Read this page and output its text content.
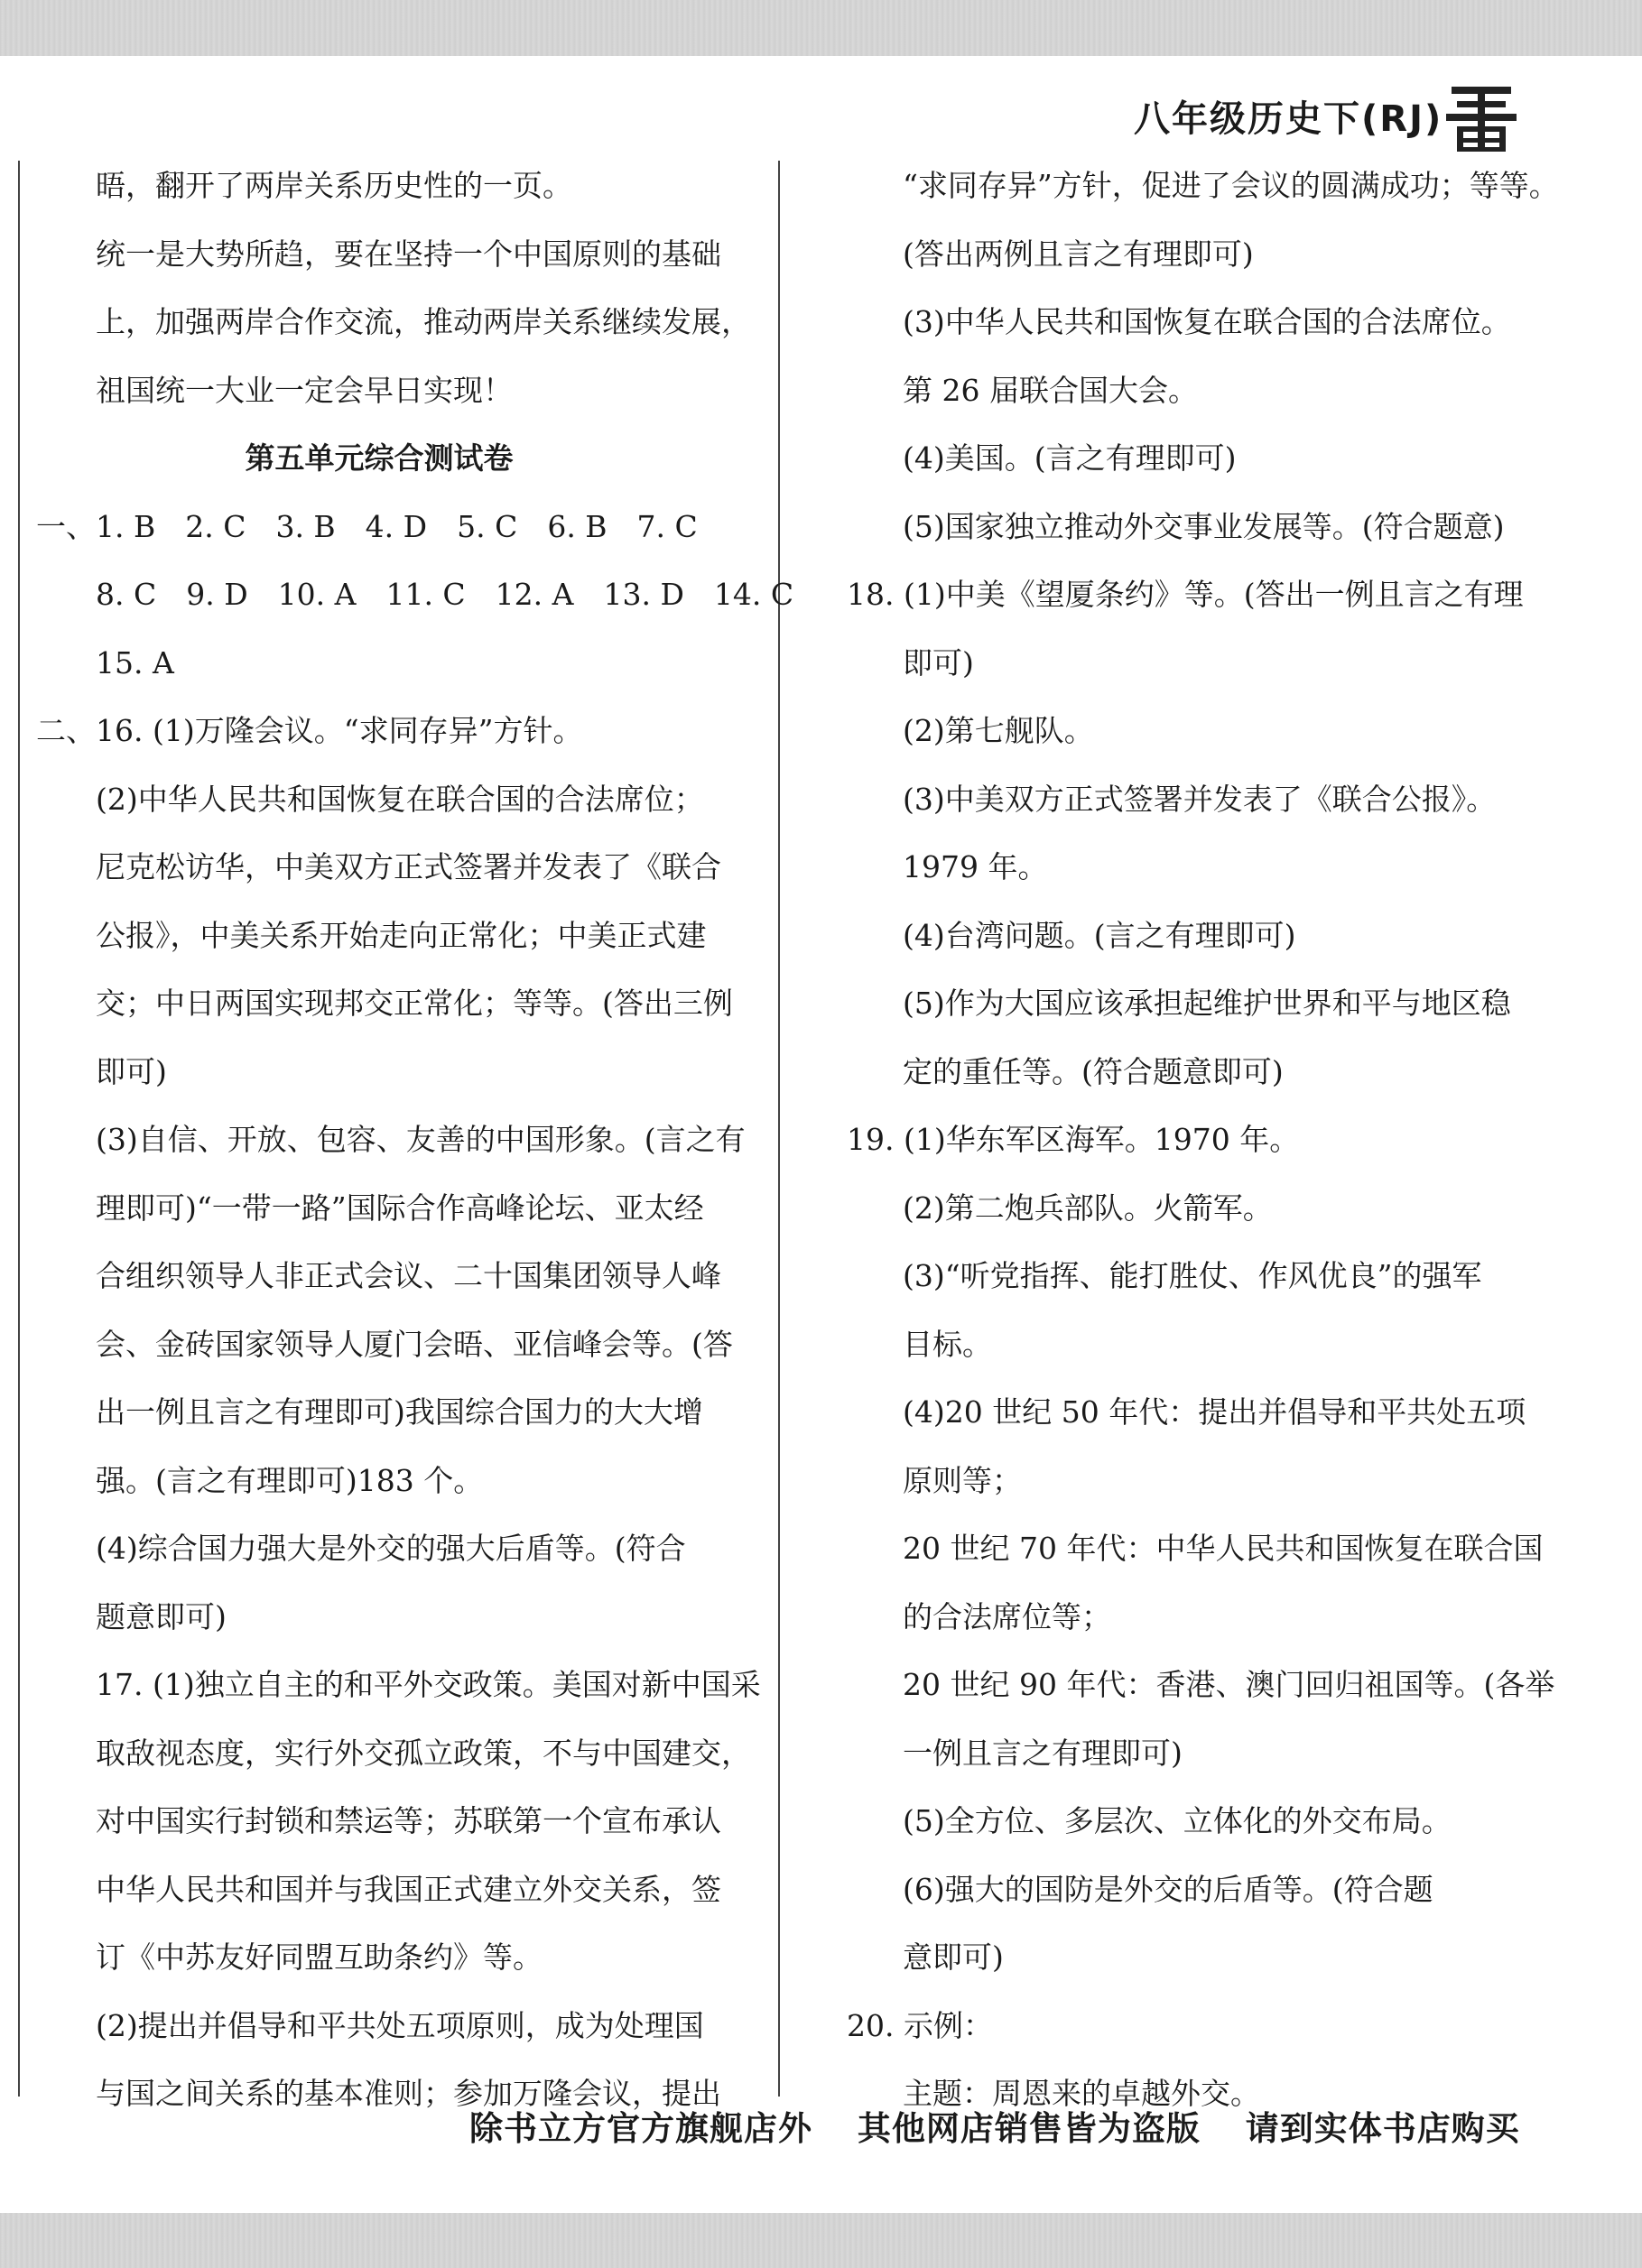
八年级历史下(RJ)
晤，翻开了两岸关系历史性的一页。
统一是大势所趋，要在坚持一个中国原则的基础
上，加强两岸合作交流，推动两岸关系继续发展，
祖国统一大业一定会早日实现！
第五单元综合测试卷
一、1. B　2. C　3. B　4. D　5. C　6. B　7. C
8. C　9. D　10. A　11. C　12. A　13. D　14. C
15. A
二、16. (1)万隆会议。“求同存异”方针。
(2)中华人民共和国恢复在联合国的合法席位；
尼克松访华，中美双方正式签署并发表了《联合
公报》，中美关系开始走向正常化；中美正式建
交；中日两国实现邦交正常化；等等。(答出三例
即可)
(3)自信、开放、包容、友善的中国形象。(言之有
理即可)“一带一路”国际合作高峰论坛、亚太经
合组织领导人非正式会议、二十国集团领导人峰
会、金砖国家领导人厦门会晤、亚信峰会等。(答
出一例且言之有理即可)我国综合国力的大大增
强。(言之有理即可)183 个。
(4)综合国力强大是外交的强大后盾等。(符合
题意即可)
17. (1)独立自主的和平外交政策。美国对新中国采
取敌视态度，实行外交孤立政策，不与中国建交，
对中国实行封锁和禁运等；苏联第一个宣布承认
中华人民共和国并与我国正式建立外交关系，签
订《中苏友好同盟互助条约》等。
(2)提出并倡导和平共处五项原则，成为处理国
与国之间关系的基本准则；参加万隆会议，提出
“求同存异”方针，促进了会议的圆满成功；等等。
(答出两例且言之有理即可)
(3)中华人民共和国恢复在联合国的合法席位。
第 26 届联合国大会。
(4)美国。(言之有理即可)
(5)国家独立推动外交事业发展等。(符合题意)
18. (1)中美《望厦条约》等。(答出一例且言之有理
即可)
(2)第七舰队。
(3)中美双方正式签署并发表了《联合公报》。
1979 年。
(4)台湾问题。(言之有理即可)
(5)作为大国应该承担起维护世界和平与地区稳
定的重任等。(符合题意即可)
19. (1)华东军区海军。1970 年。
(2)第二炮兵部队。火箭军。
(3)“听党指挥、能打胜仗、作风优良”的强军
目标。
(4)20 世纪 50 年代：提出并倡导和平共处五项
原则等；
20 世纪 70 年代：中华人民共和国恢复在联合国
的合法席位等；
20 世纪 90 年代：香港、澳门回归祖国等。(各举
一例且言之有理即可)
(5)全方位、多层次、立体化的外交布局。
(6)强大的国防是外交的后盾等。(符合题
意即可)
20. 示例：
主题：周恩来的卓越外交。
除书立方官方旗舰店外 其他网店销售皆为盗版 请到实体书店购买
